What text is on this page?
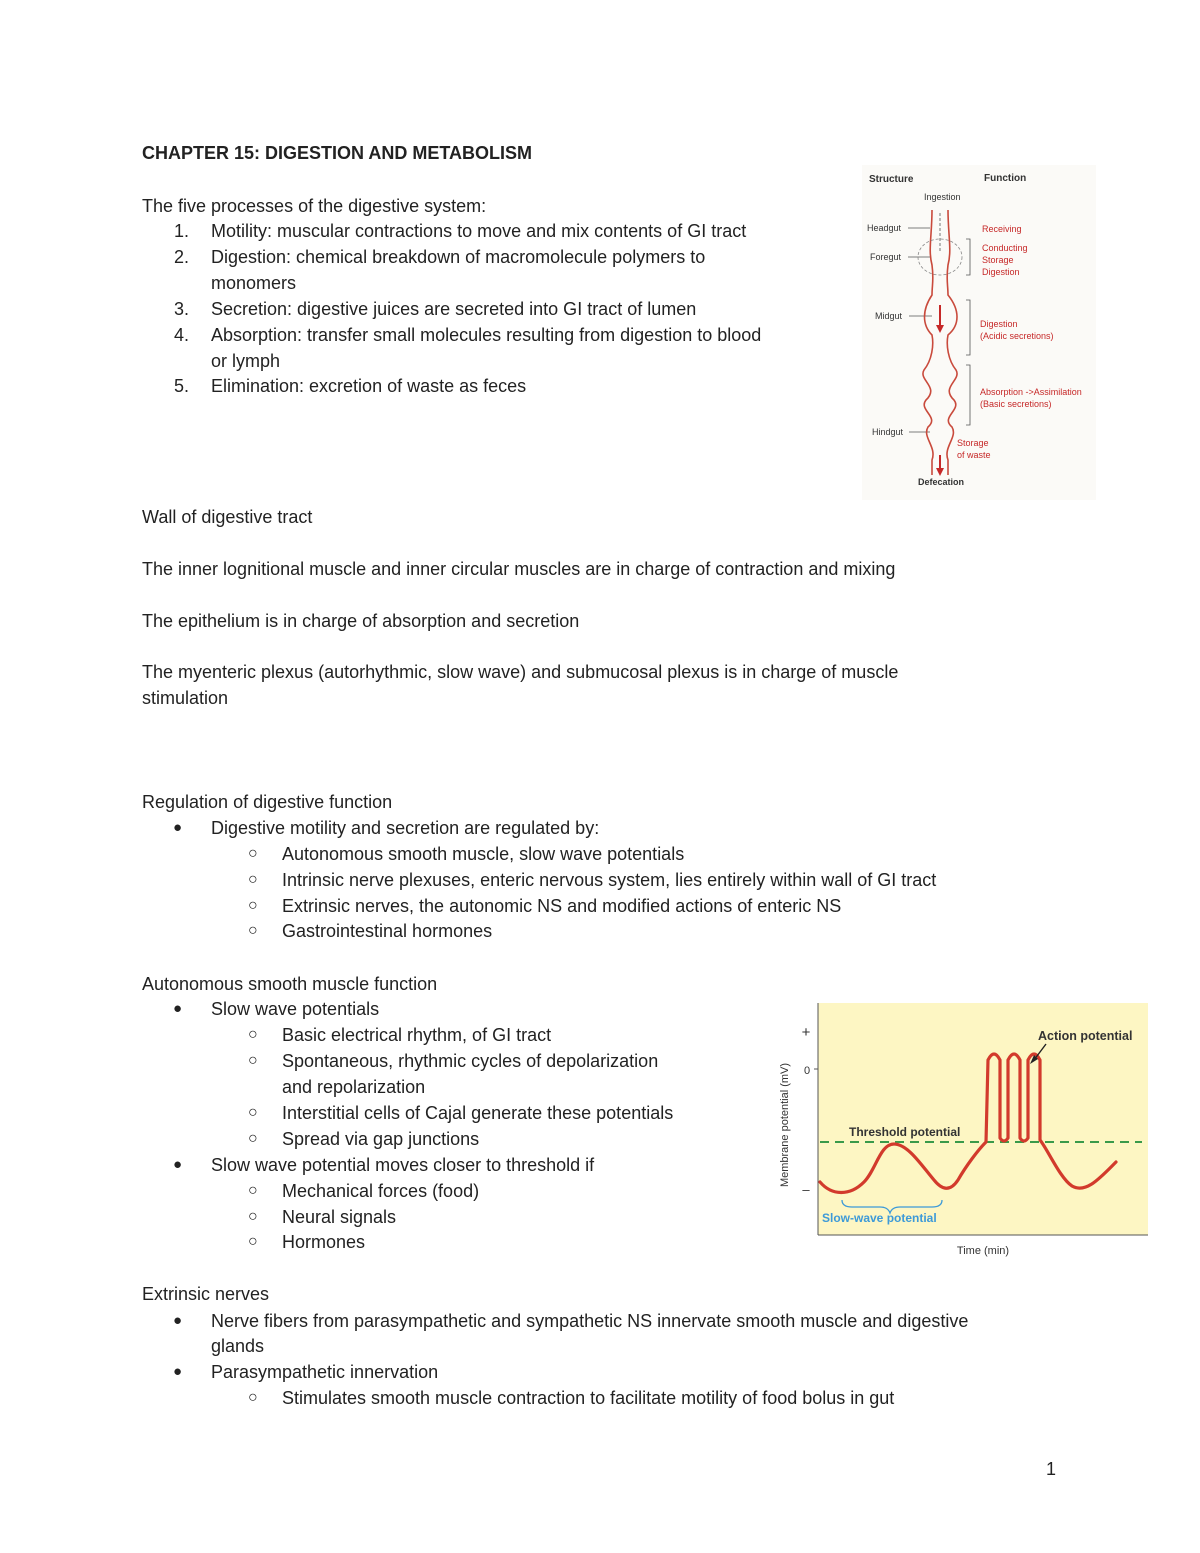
CHAPTER 15: DIGESTION AND METABOLISM
The five processes of the digestive system:
1. Motility: muscular contractions to move and mix contents of GI tract
2. Digestion: chemical breakdown of macromolecule polymers to
monomers
3. Secretion: digestive juices are secreted into GI tract of lumen
4. Absorption: transfer small molecules resulting from digestion to blood
or lymph
5. Elimination: excretion of waste as feces
Structure	Function
Ingestion
Headgut
Foregut
Midgut
Hindgut
Receiving
Conducting
Storage
Digestion
Digestion
(Acidic secretions)
Absorption ->Assimilation
(Basic secretions)
Storage
of waste
Defecation
Wall of digestive tract
The inner lognitional muscle and inner circular muscles are in charge of contraction and mixing
The epithelium is in charge of absorption and secretion
The myenteric plexus (autorhythmic, slow wave) and submucosal plexus is in charge of muscle
stimulation
Regulation of digestive function
● Digestive motility and secretion are regulated by:
○ Autonomous smooth muscle, slow wave potentials
○ Intrinsic nerve plexuses, enteric nervous system, lies entirely within wall of GI tract
○ Extrinsic nerves, the autonomic NS and modified actions of enteric NS
○ Gastrointestinal hormones
Autonomous smooth muscle function
● Slow wave potentials
○ Basic electrical rhythm, of GI tract
○ Spontaneous, rhythmic cycles of depolarization
and repolarization
○ Interstitial cells of Cajal generate these potentials
○ Spread via gap junctions
● Slow wave potential moves closer to threshold if
○ Mechanical forces (food)
○ Neural signals
○ Hormones
Membrane potential (mV)
+
0
–
Time (min)
Threshold potential
Action potential
Slow-wave potential
Extrinsic nerves
● Nerve fibers from parasympathetic and sympathetic NS innervate smooth muscle and digestive
glands
● Parasympathetic innervation
○ Stimulates smooth muscle contraction to facilitate motility of food bolus in gut
1
